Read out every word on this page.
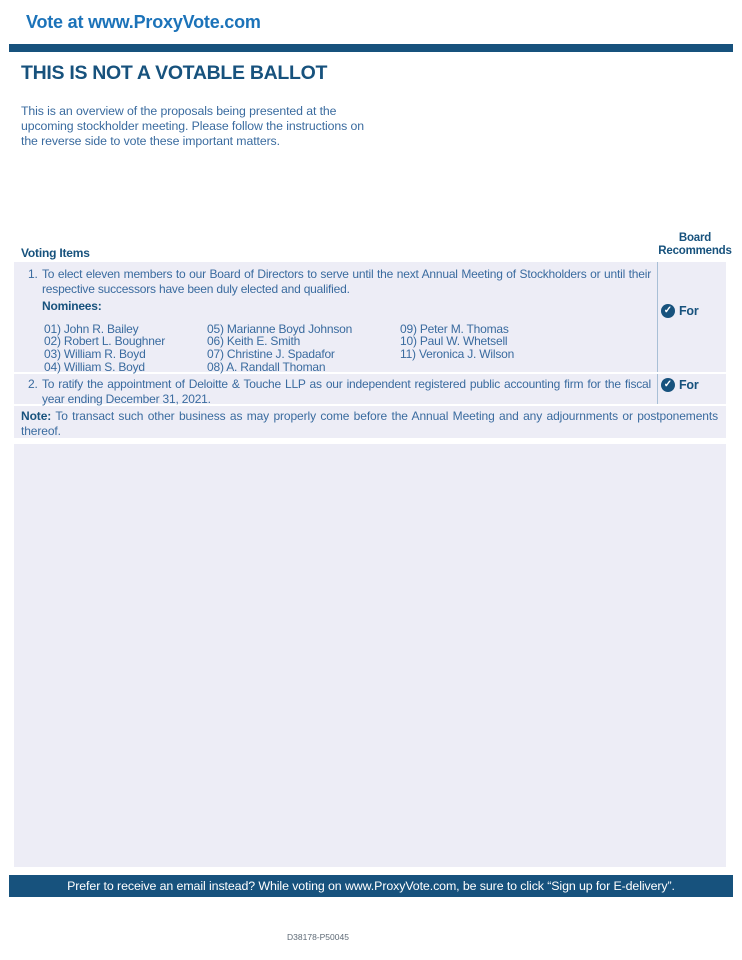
Vote at www.ProxyVote.com
THIS IS NOT A VOTABLE BALLOT
This is an overview of the proposals being presented at the upcoming stockholder meeting. Please follow the instructions on the reverse side to vote these important matters.
Voting Items
Board
Recommends
1. To elect eleven members to our Board of Directors to serve until the next Annual Meeting of Stockholders or until their respective successors have been duly elected and qualified.
Nominees:
01) John R. Bailey
02) Robert L. Boughner
03) William R. Boyd
04) William S. Boyd
05) Marianne Boyd Johnson
06) Keith E. Smith
07) Christine J. Spadafor
08) A. Randall Thoman
09) Peter M. Thomas
10) Paul W. Whetsell
11) Veronica J. Wilson
✓ For
2. To ratify the appointment of Deloitte & Touche LLP as our independent registered public accounting firm for the fiscal year ending December 31, 2021.
✓ For
Note: To transact such other business as may properly come before the Annual Meeting and any adjournments or postponements thereof.
Prefer to receive an email instead? While voting on www.ProxyVote.com, be sure to click “Sign up for E-delivery”.
D38178-P50045
